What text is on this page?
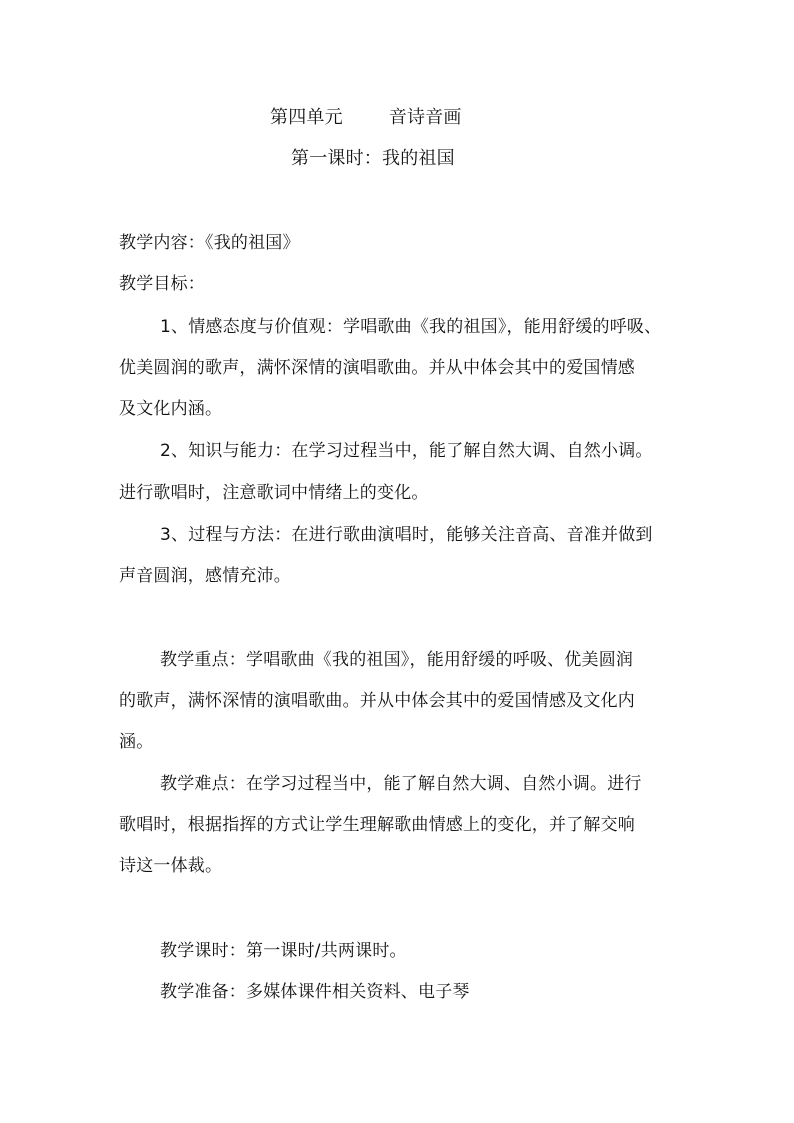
第四单元	音诗音画
第一课时：我的祖国
教学内容：《我的祖国》
教学目标：
1、情感态度与价值观：学唱歌曲《我的祖国》，能用舒缓的呼吸、
优美圆润的歌声，满怀深情的演唱歌曲。并从中体会其中的爱国情感
及文化内涵。
2、知识与能力：在学习过程当中，能了解自然大调、自然小调。
进行歌唱时，注意歌词中情绪上的变化。
3、过程与方法：在进行歌曲演唱时，能够关注音高、音准并做到
声音圆润，感情充沛。
教学重点：学唱歌曲《我的祖国》，能用舒缓的呼吸、优美圆润
的歌声，满怀深情的演唱歌曲。并从中体会其中的爱国情感及文化内
涵。
教学难点：在学习过程当中，能了解自然大调、自然小调。进行
歌唱时，根据指挥的方式让学生理解歌曲情感上的变化，并了解交响
诗这一体裁。
教学课时：第一课时/共两课时。
教学准备：多媒体课件相关资料、电子琴
